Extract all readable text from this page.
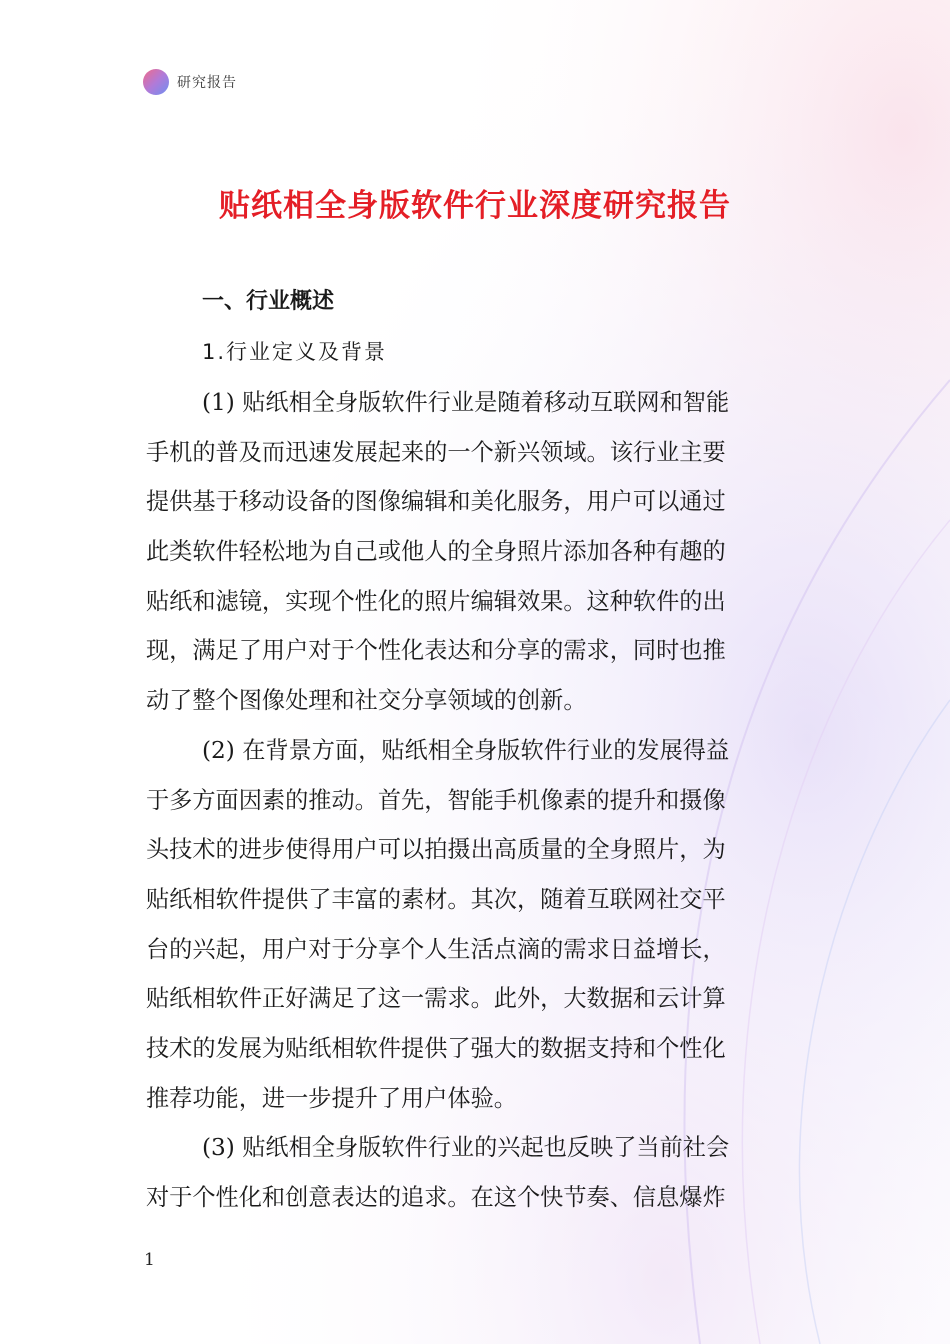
研究报告
贴纸相全身版软件行业深度研究报告
一、行业概述
1.行业定义及背景
(1) 贴纸相全身版软件行业是随着移动互联网和智能
手机的普及而迅速发展起来的一个新兴领域。该行业主要
提供基于移动设备的图像编辑和美化服务，用户可以通过
此类软件轻松地为自己或他人的全身照片添加各种有趣的
贴纸和滤镜，实现个性化的照片编辑效果。这种软件的出
现，满足了用户对于个性化表达和分享的需求，同时也推
动了整个图像处理和社交分享领域的创新。
(2) 在背景方面，贴纸相全身版软件行业的发展得益
于多方面因素的推动。首先，智能手机像素的提升和摄像
头技术的进步使得用户可以拍摄出高质量的全身照片，为
贴纸相软件提供了丰富的素材。其次，随着互联网社交平
台的兴起，用户对于分享个人生活点滴的需求日益增长，
贴纸相软件正好满足了这一需求。此外，大数据和云计算
技术的发展为贴纸相软件提供了强大的数据支持和个性化
推荐功能，进一步提升了用户体验。
(3) 贴纸相全身版软件行业的兴起也反映了当前社会
对于个性化和创意表达的追求。在这个快节奏、信息爆炸
1
